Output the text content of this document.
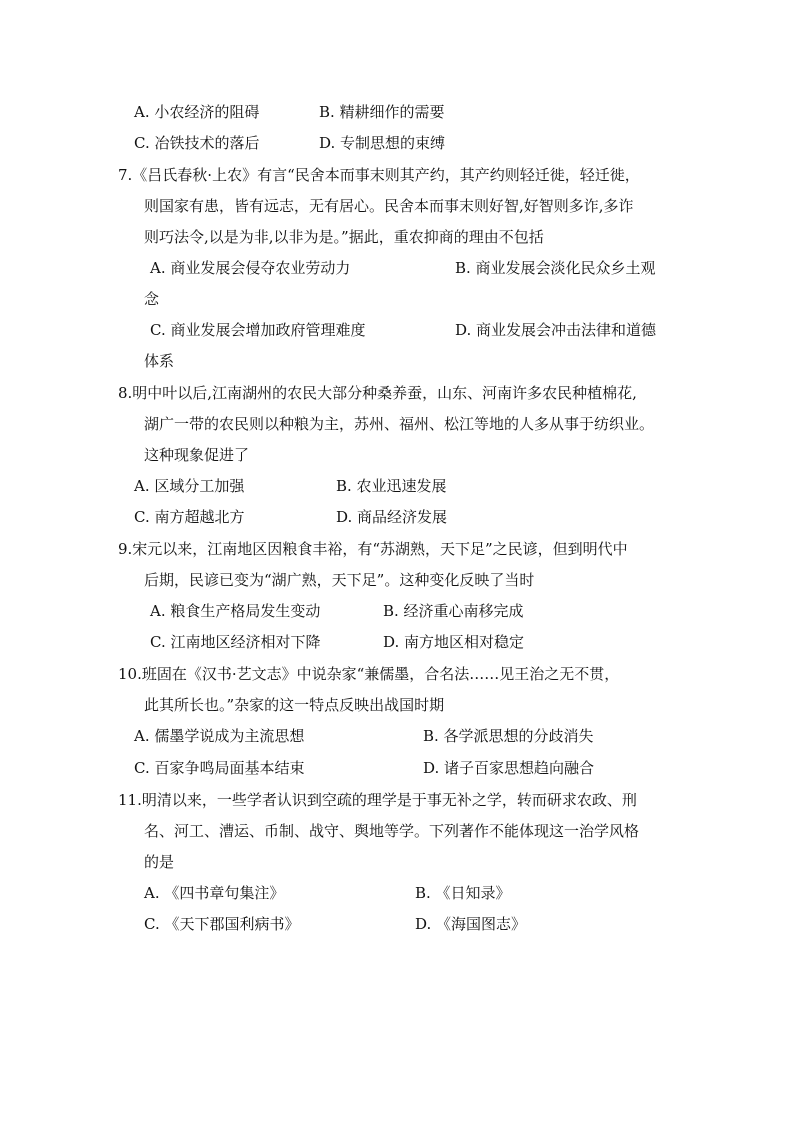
A. 小农经济的阻碍	B. 精耕细作的需要
C. 冶铁技术的落后	D. 专制思想的束缚
7.《吕氏春秋·上农》有言“民舍本而事末则其产约，其产约则轻迁徙，轻迁徙，
则国家有患，皆有远志，无有居心。民舍本而事末则好智,好智则多诈,多诈
则巧法令,以是为非,以非为是。”据此，重农抑商的理由不包括
A. 商业发展会侵夺农业劳动力	B. 商业发展会淡化民众乡土观
念
C. 商业发展会增加政府管理难度	D. 商业发展会冲击法律和道德
体系
8.明中叶以后,江南湖州的农民大部分种桑养蚕，山东、河南许多农民种植棉花,
湖广一带的农民则以种粮为主，苏州、福州、松江等地的人多从事于纺织业。
这种现象促进了
A. 区域分工加强	B. 农业迅速发展
C. 南方超越北方	D. 商品经济发展
9.宋元以来，江南地区因粮食丰裕，有“苏湖熟，天下足”之民谚，但到明代中
后期，民谚已变为“湖广熟，天下足”。这种变化反映了当时
A. 粮食生产格局发生变动	B. 经济重心南移完成
C. 江南地区经济相对下降	D. 南方地区相对稳定
10.班固在《汉书·艺文志》中说杂家“兼儒墨，合名法……见王治之无不贯，
此其所长也。”杂家的这一特点反映出战国时期
A. 儒墨学说成为主流思想	B. 各学派思想的分歧消失
C. 百家争鸣局面基本结束	D. 诸子百家思想趋向融合
11.明清以来，一些学者认识到空疏的理学是于事无补之学，转而研求农政、刑
名、河工、漕运、币制、战守、舆地等学。下列著作不能体现这一治学风格
的是
A. 《四书章句集注》	B. 《日知录》
C. 《天下郡国利病书》	D. 《海国图志》
